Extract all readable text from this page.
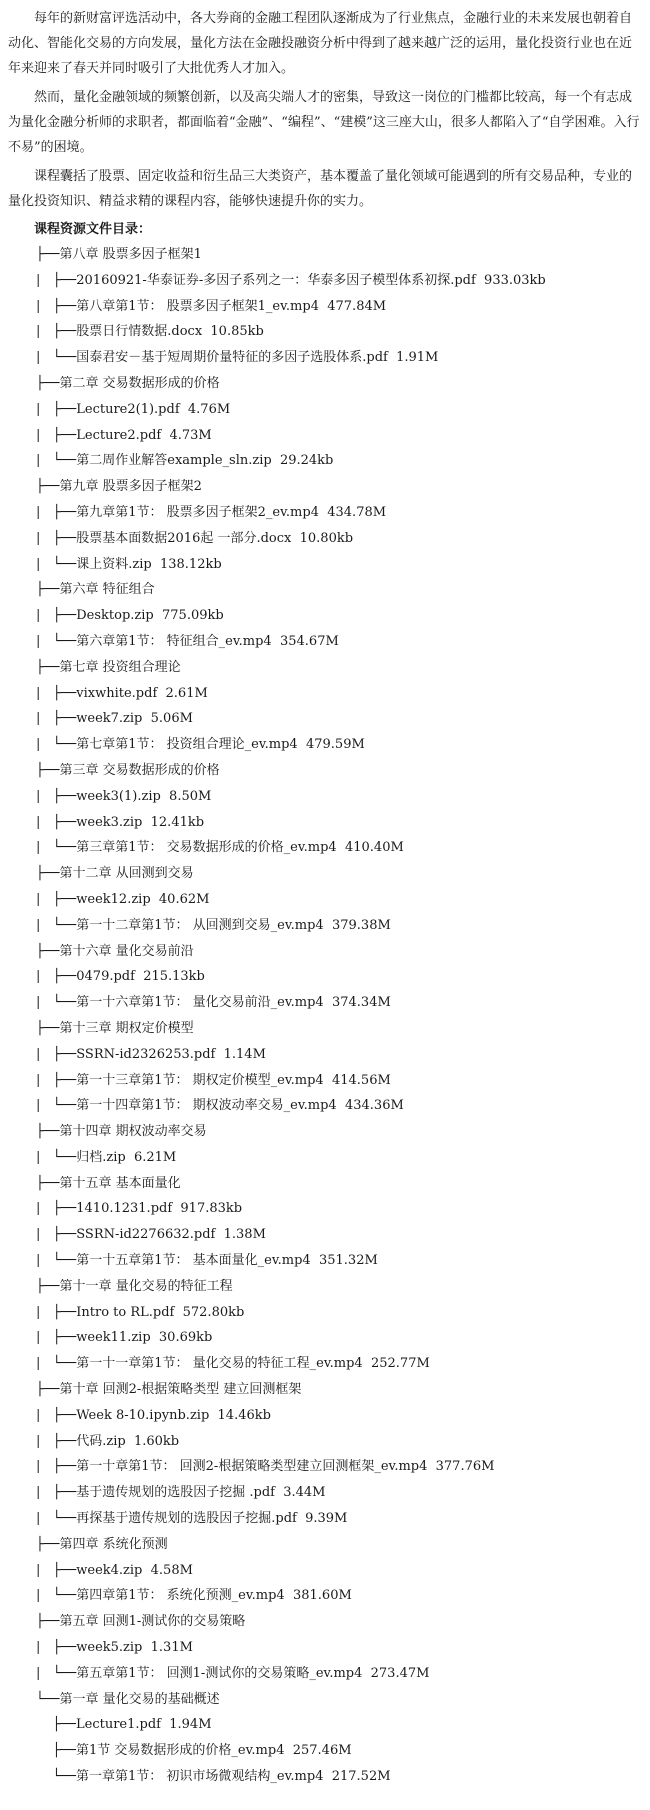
每年的新财富评选活动中，各大券商的金融工程团队逐渐成为了行业焦点，金融行业的未来发展也朝着自动化、智能化交易的方向发展，量化方法在金融投融资分析中得到了越来越广泛的运用，量化投资行业也在近年来迎来了春天并同时吸引了大批优秀人才加入。

然而，量化金融领域的频繁创新，以及高尖端人才的密集，导致这一岗位的门槛都比较高，每一个有志成为量化金融分析师的求职者，都面临着“金融”、“编程”、“建模”这三座大山，很多人都陷入了“自学困难。入行不易”的困境。

课程囊括了股票、固定收益和衍生品三大类资产，基本覆盖了量化领域可能遇到的所有交易品种，专业的量化投资知识、精益求精的课程内容，能够快速提升你的实力。

课程资源文件目录：
├──第八章 股票多因子框架1
|   ├──20160921-华泰证券-多因子系列之一：华泰多因子模型体系初探.pdf  933.03kb
|   ├──第八章第1节： 股票多因子框架1_ev.mp4  477.84M
|   ├──股票日行情数据.docx  10.85kb
|   └──国泰君安－基于短周期价量特征的多因子选股体系.pdf  1.91M
├──第二章 交易数据形成的价格
|   ├──Lecture2(1).pdf  4.76M
|   ├──Lecture2.pdf  4.73M
|   └──第二周作业解答example_sln.zip  29.24kb
├──第九章 股票多因子框架2
|   ├──第九章第1节： 股票多因子框架2_ev.mp4  434.78M
|   ├──股票基本面数据2016起 一部分.docx  10.80kb
|   └──课上资料.zip  138.12kb
├──第六章 特征组合
|   ├──Desktop.zip  775.09kb
|   └──第六章第1节： 特征组合_ev.mp4  354.67M
├──第七章 投资组合理论
|   ├──vixwhite.pdf  2.61M
|   ├──week7.zip  5.06M
|   └──第七章第1节： 投资组合理论_ev.mp4  479.59M
├──第三章 交易数据形成的价格
|   ├──week3(1).zip  8.50M
|   ├──week3.zip  12.41kb
|   └──第三章第1节： 交易数据形成的价格_ev.mp4  410.40M
├──第十二章 从回测到交易
|   ├──week12.zip  40.62M
|   └──第一十二章第1节： 从回测到交易_ev.mp4  379.38M
├──第十六章 量化交易前沿
|   ├──0479.pdf  215.13kb
|   └──第一十六章第1节： 量化交易前沿_ev.mp4  374.34M
├──第十三章 期权定价模型
|   ├──SSRN-id2326253.pdf  1.14M
|   ├──第一十三章第1节： 期权定价模型_ev.mp4  414.56M
|   └──第一十四章第1节： 期权波动率交易_ev.mp4  434.36M
├──第十四章 期权波动率交易
|   └──归档.zip  6.21M
├──第十五章 基本面量化
|   ├──1410.1231.pdf  917.83kb
|   ├──SSRN-id2276632.pdf  1.38M
|   └──第一十五章第1节： 基本面量化_ev.mp4  351.32M
├──第十一章 量化交易的特征工程
|   ├──Intro to RL.pdf  572.80kb
|   ├──week11.zip  30.69kb
|   └──第一十一章第1节： 量化交易的特征工程_ev.mp4  252.77M
├──第十章 回测2-根据策略类型 建立回测框架
|   ├──Week 8-10.ipynb.zip  14.46kb
|   ├──代码.zip  1.60kb
|   ├──第一十章第1节： 回测2-根据策略类型建立回测框架_ev.mp4  377.76M
|   ├──基于遗传规划的选股因子挖掘 .pdf  3.44M
|   └──再探基于遗传规划的选股因子挖掘.pdf  9.39M
├──第四章 系统化预测
|   ├──week4.zip  4.58M
|   └──第四章第1节： 系统化预测_ev.mp4  381.60M
├──第五章 回测1-测试你的交易策略
|   ├──week5.zip  1.31M
|   └──第五章第1节： 回测1-测试你的交易策略_ev.mp4  273.47M
└──第一章 量化交易的基础概述
├──Lecture1.pdf  1.94M
├──第1节 交易数据形成的价格_ev.mp4  257.46M
└──第一章第1节： 初识市场微观结构_ev.mp4  217.52M
